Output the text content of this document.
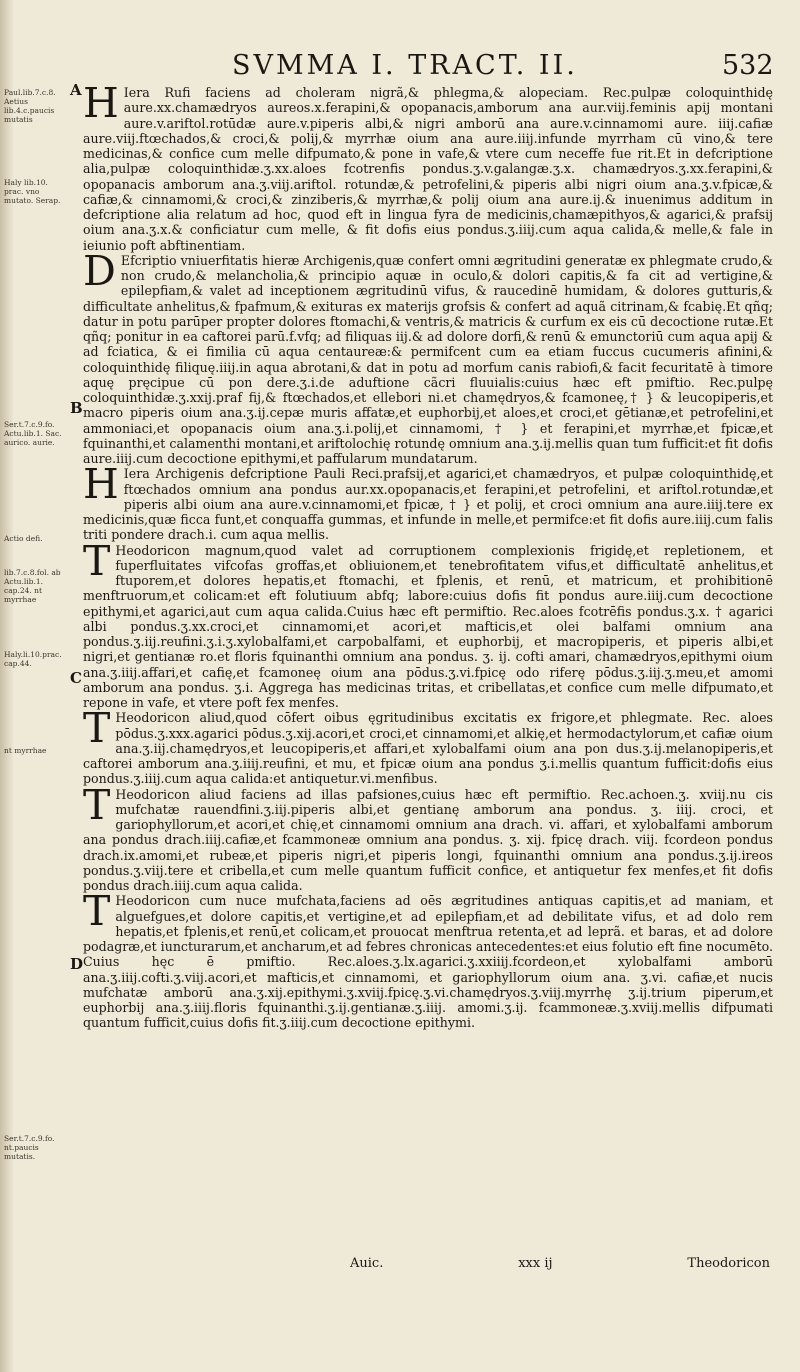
SVMMA I. TRACT. II.	532
Paul.lib.7.c.8. Aetius lib.4.c.paucis mutatis
Haly lib.10. prac. vno mutato. Serap.
Ser.t.7.c.9.fo. Actu.lib.1. Sac. aurico. aurie.
Actio defi.
lib.7.c.8.fol. ab Actu.lib.1. cap.24. nt myrrhae
Haly.li.10.prac. cap.44.
nt myrrhae
Ser.t.7.c.9.fo. nt.paucis mutatis.
A
B
C
D

H Iera Rufi faciens ad choleram nigrã,& phlegma,& alopeciam. Rec.pulpæ coloquinthidę aure.xx.chamædryos aureos.x.ferapini,& opopanacis,amborum ana aur.viij.feminis apij montani aure.v.ariftol.rotūdæ aure.v.piperis albi,& nigri amborū ana aure.v.cinnamomi aure. iiij.cafiæ aure.viij.ftœchados,& croci,& polij,& myrrhæ oium ana aure.iiij.infunde myrrham cū vino,& tere medicinas,& confice cum melle difpumato,& pone in vafe,& vtere cum neceffe fue rit.Et in defcriptione alia,pulpæ coloquinthidæ.ʒ.xx.aloes fcotrenfis pondus.ʒ.v.galangæ.ʒ.x. chamædryos.ʒ.xx.ferapini,& opopanacis amborum ana.ʒ.viij.ariftol. rotundæ,& petrofelini,& piperis albi nigri oium ana.ʒ.v.fpicæ,& cafiæ,& cinnamomi,& croci,& zinziberis,& myrrhæ,& polij oium ana aure.ij.& inuenimus additum in defcriptione alia relatum ad hoc, quod eft in lingua fyra de medicinis,chamæpithyos,& agarici,& prafsij oium ana.ʒ.x.& conficiatur cum melle, & fit dofis eius pondus.ʒ.iiij.cum aqua calida,& melle,& fale in ieiunio poft abftinentiam.

D Efcriptio vniuerfitatis hieræ Archigenis,quæ confert omni ægritudini generatæ ex phlegmate crudo,& non crudo,& melancholia,& principio aquæ in oculo,& dolori capitis,& fa cit ad vertigine,& epilepfiam,& valet ad inceptionem ægritudinū vifus, & raucedinē humidam, & dolores gutturis,& difficultate anhelitus,& fpafmum,& exituras ex materijs grofsis & confert ad aquã citrinam,& fcabię.Et qñq; datur in potu parūper propter dolores ftomachi,& ventris,& matricis & curfum ex eis cū decoctione rutæ.Et qñq; ponitur in ea caftorei parū.f.vfq; ad filiquas iij.& ad dolore dorfi,& renū & emunctoriū cum aqua apij & ad fciatica, & ei fimilia cū aqua centaureæ:& permifcent cum ea etiam fuccus cucumeris afinini,& coloquinthidę filiquę.iiij.in aqua abrotani,& dat in potu ad morfum canis rabiofi,& facit fecuritatē à timore aquę pręcipue cū pon dere.ʒ.i.de aduftione cãcri fluuialis:cuius hæc eft pmiftio. Rec.pulpę coloquinthidæ.ʒ.xxij.praf fij,& ftœchados,et ellebori ni.et chamędryos,& fcamoneę,† } & leucopiperis,et macro piperis oium ana.ʒ.ij.cepæ muris affatæ,et euphorbij,et aloes,et croci,et gētianæ,et petrofelini,et ammoniaci,et opopanacis oium ana.ʒ.i.polij,et cinnamomi, † } et ferapini,et myrrhæ,et fpicæ,et fquinanthi,et calamenthi montani,et ariftolochię rotundę omnium ana.ʒ.ij.mellis quan tum fufficit:et fit dofis aure.iiij.cum decoctione epithymi,et paffularum mundatarum.

H Iera Archigenis defcriptione Pauli Reci.prafsij,et agarici,et chamædryos, et pulpæ coloquinthidę,et ftœchados omnium ana pondus aur.xx.opopanacis,et ferapini,et petrofelini, et ariftol.rotundæ,et piperis albi oium ana aure.v.cinnamomi,et fpicæ, † } et polij, et croci omnium ana aure.iiij.tere ex medicinis,quæ ficca funt,et conquaffa gummas, et infunde in melle,et permifce:et fit dofis aure.iiij.cum falis triti pondere drach.i. cum aqua mellis.

T Heodoricon magnum,quod valet ad corruptionem complexionis frigidę,et repletionem, et fuperfluitates vifcofas groffas,et obliuionem,et tenebrofitatem vifus,et difficultatē anhelitus,et ftuporem,et dolores hepatis,et ftomachi, et fplenis, et renū, et matricum, et prohibitionē menftruorum,et colicam:et eft folutiuum abfq; labore:cuius dofis fit pondus aure.iiij.cum decoctione epithymi,et agarici,aut cum aqua calida.Cuius hæc eft permiftio. Rec.aloes fcotrēfis pondus.ʒ.x. † agarici albi pondus.ʒ.xx.croci,et cinnamomi,et acori,et mafticis,et olei balfami omnium ana pondus.ʒ.iij.reufini.ʒ.i.ʒ.xylobalfami,et carpobalfami, et euphorbij, et macropiperis, et piperis albi,et nigri,et gentianæ ro.et floris fquinanthi omnium ana pondus. ʒ. ij. cofti amari, chamædryos,epithymi oium ana.ʒ.iiij.affari,et cafię,et fcamoneę oium ana pōdus.ʒ.vi.fpicę odo riferę pōdus.ʒ.iij.ʒ.meu,et amomi amborum ana pondus. ʒ.i. Aggrega has medicinas tritas, et cribellatas,et confice cum melle difpumato,et repone in vafe, et vtere poft fex menfes.

T Heodoricon aliud,quod cōfert oibus ęgritudinibus excitatis ex frigore,et phlegmate. Rec. aloes pōdus.ʒ.xxx.agarici pōdus.ʒ.xij.acori,et croci,et cinnamomi,et alkię,et hermodactylorum,et cafiæ oium ana.ʒ.iij.chamędryos,et leucopiperis,et affari,et xylobalfami oium ana pon dus.ʒ.ij.melanopiperis,et caftorei amborum ana.ʒ.iiij.reufini, et mu, et fpicæ oium ana pondus ʒ.i.mellis quantum fufficit:dofis eius pondus.ʒ.iiij.cum aqua calida:et antiquetur.vi.menfibus.

T Heodoricon aliud faciens ad illas pafsiones,cuius hæc eft permiftio. Rec.achoen.ʒ. xviij.nu cis mufchatæ rauendfini.ʒ.iij.piperis albi,et gentianę amborum ana pondus. ʒ. iiij. croci, et gariophyllorum,et acori,et chię,et cinnamomi omnium ana drach. vi. affari, et xylobalfami amborum ana pondus drach.iiij.cafiæ,et fcammoneæ omnium ana pondus. ʒ. xij. fpicę drach. viij. fcordeon pondus drach.ix.amomi,et rubeæ,et piperis nigri,et piperis longi, fquinanthi omnium ana pondus.ʒ.ij.ireos pondus.ʒ.viij.tere et cribella,et cum melle quantum fufficit confice, et antiquetur fex menfes,et fit dofis pondus drach.iiij.cum aqua calida.

T Heodoricon cum nuce mufchata,faciens ad oēs ægritudines antiquas capitis,et ad maniam, et alguefgues,et dolore capitis,et vertigine,et ad epilepfiam,et ad debilitate vifus, et ad dolo rem hepatis,et fplenis,et renū,et colicam,et prouocat menftrua retenta,et ad leprã. et baras, et ad dolore podagræ,et iuncturarum,et ancharum,et ad febres chronicas antecedentes:et eius folutio eft fine nocumēto. Cuius hęc ē pmiftio. Rec.aloes.ʒ.lx.agarici.ʒ.xxiiij.fcordeon,et xylobalfami amborū ana.ʒ.iiij.cofti.ʒ.viij.acori,et mafticis,et cinnamomi, et gariophyllorum oium ana. ʒ.vi. cafiæ,et nucis mufchatæ amborū ana.ʒ.xij.epithymi.ʒ.xviij.fpicę.ʒ.vi.chamędryos.ʒ.viij.myrrhę ʒ.ij.trium piperum,et euphorbij ana.ʒ.iiij.floris fquinanthi.ʒ.ij.gentianæ.ʒ.iiij. amomi.ʒ.ij. fcammoneæ.ʒ.xviij.mellis difpumati quantum fufficit,cuius dofis fit.ʒ.iiij.cum decoctione epithymi.

Auic.	xxx ij	Theodoricon
